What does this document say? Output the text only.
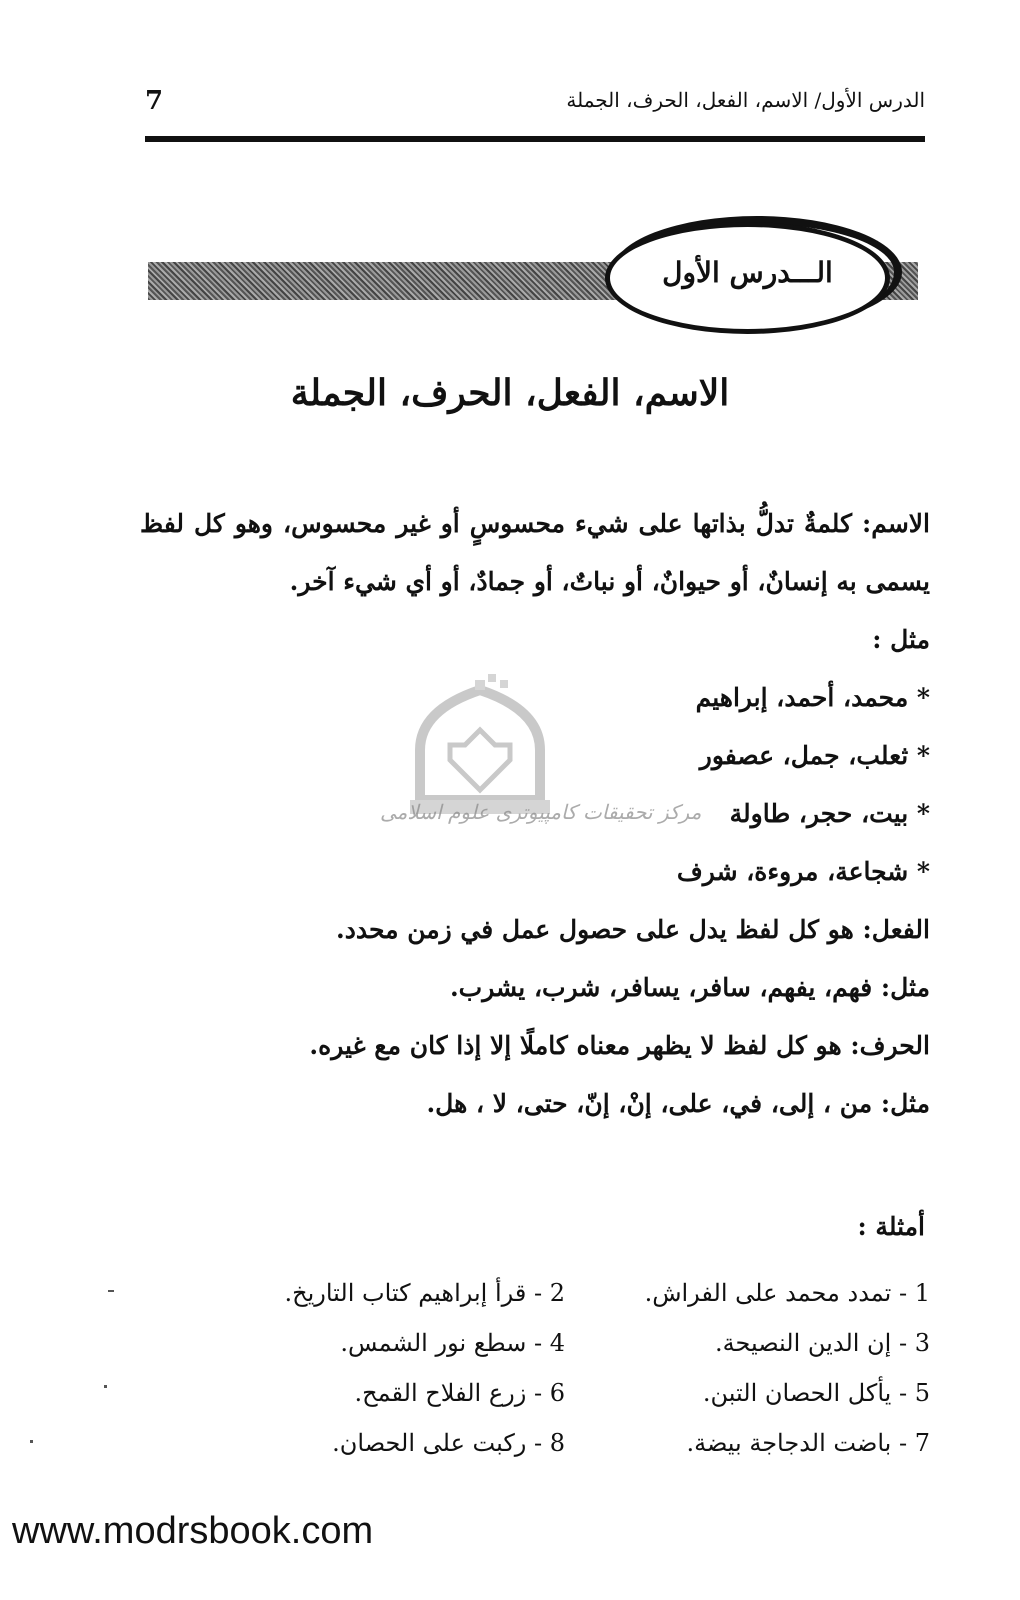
7	الدرس الأول/ الاسم، الفعل، الحرف، الجملة
الـــدرس الأول
الاسم، الفعل، الحرف، الجملة
الاسم: كلمةٌ تدلُّ بذاتها على شيء محسوسٍ أو غير محسوس، وهو كل لفظ يسمى به إنسانٌ، أو حيوانٌ، أو نباتٌ، أو جمادٌ، أو أي شيء آخر.
مثل :
* محمد، أحمد، إبراهيم
* ثعلب، جمل، عصفور
* بيت، حجر، طاولة
* شجاعة، مروءة، شرف
الفعل: هو كل لفظ يدل على حصول عمل في زمن محدد.
مثل: فهم، يفهم، سافر، يسافر، شرب، يشرب.
الحرف: هو كل لفظ لا يظهر معناه كاملًا إلا إذا كان مع غيره.
مثل: من ، إلى، في، على، إنْ، إنّ، حتى، لا ، هل.
مرکز تحقیقات کامپیوتری علوم اسلامی
أمثلة :
1 - تمدد محمد على الفراش.
2 - قرأ إبراهيم كتاب التاريخ.
3 - إن الدين النصيحة.
4 - سطع نور الشمس.
5 - يأكل الحصان التبن.
6 - زرع الفلاح القمح.
7 - باضت الدجاجة بيضة.
8 - ركبت على الحصان.
www.modrsbook.com
